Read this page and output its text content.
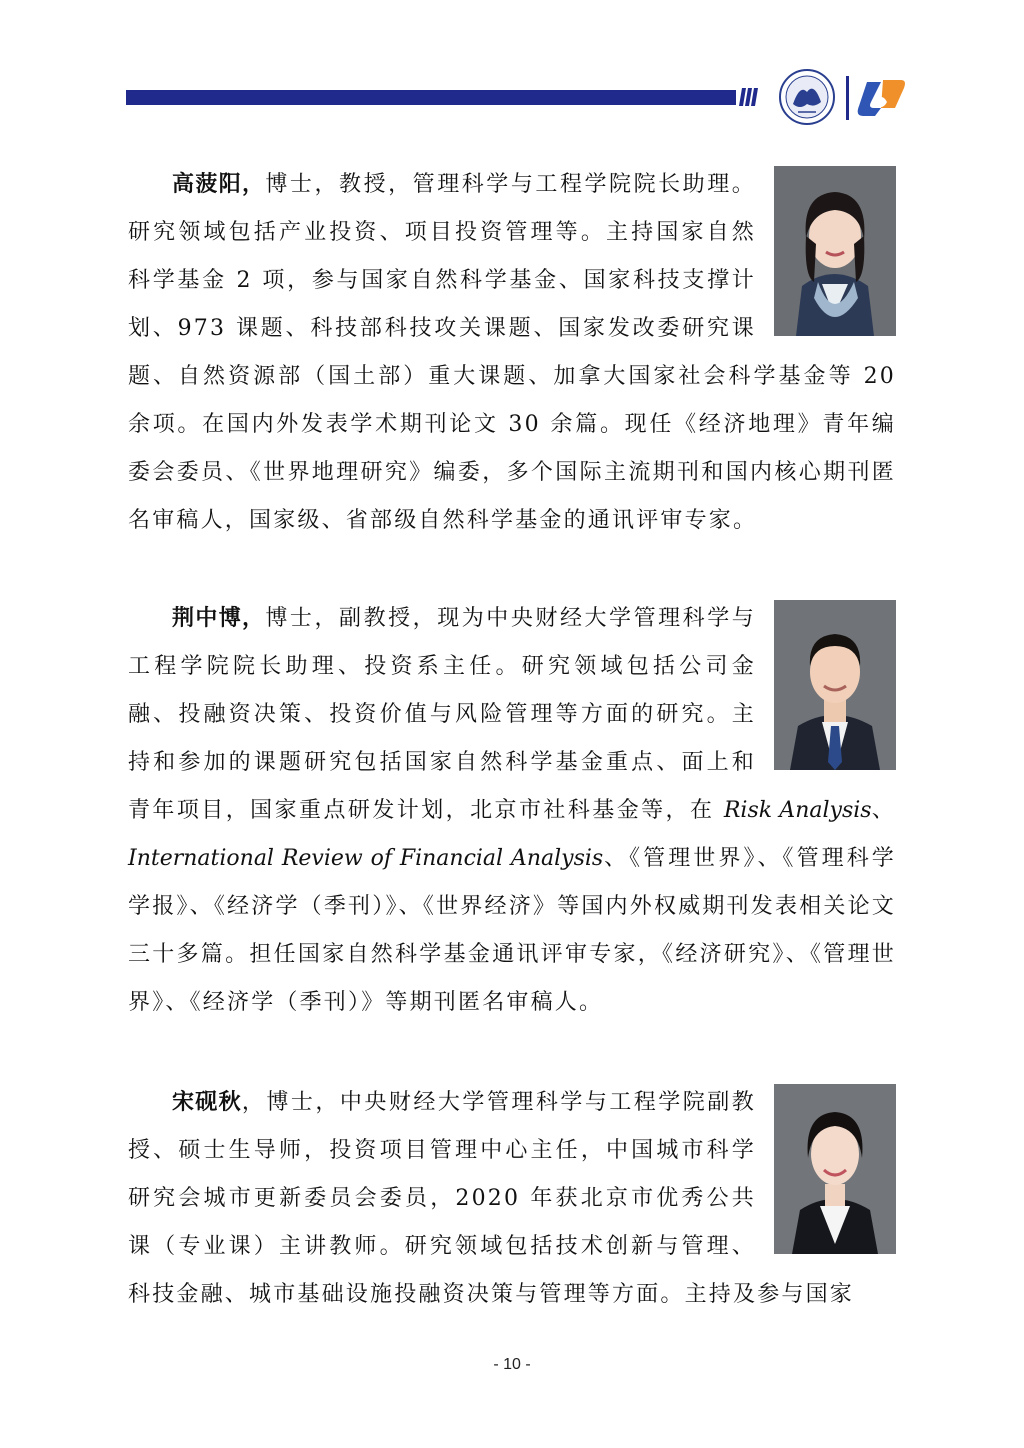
高菠阳，博士，教授，管理科学与工程学院院长助理。研究领域包括产业投资、项目投资管理等。主持国家自然科学基金 2 项，参与国家自然科学基金、国家科技支撑计划、973 课题、科技部科技攻关课题、国家发改委研究课题、自然资源部（国土部）重大课题、加拿大国家社会科学基金等 20 余项。在国内外发表学术期刊论文 30 余篇。现任《经济地理》青年编委会委员、《世界地理研究》编委，多个国际主流期刊和国内核心期刊匿名审稿人，国家级、省部级自然科学基金的通讯评审专家。

荆中博，博士，副教授，现为中央财经大学管理科学与工程学院院长助理、投资系主任。研究领域包括公司金融、投融资决策、投资价值与风险管理等方面的研究。主持和参加的课题研究包括国家自然科学基金重点、面上和青年项目，国家重点研发计划，北京市社科基金等，在 Risk Analysis、International Review of Financial Analysis、《管理世界》、《管理科学学报》、《经济学（季刊）》、《世界经济》等国内外权威期刊发表相关论文三十多篇。担任国家自然科学基金通讯评审专家，《经济研究》、《管理世界》、《经济学（季刊）》等期刊匿名审稿人。

宋砚秋，博士，中央财经大学管理科学与工程学院副教授、硕士生导师，投资项目管理中心主任，中国城市科学研究会城市更新委员会委员，2020 年获北京市优秀公共课（专业课）主讲教师。研究领域包括技术创新与管理、科技金融、城市基础设施投融资决策与管理等方面。主持及参与国家

- 10 -
